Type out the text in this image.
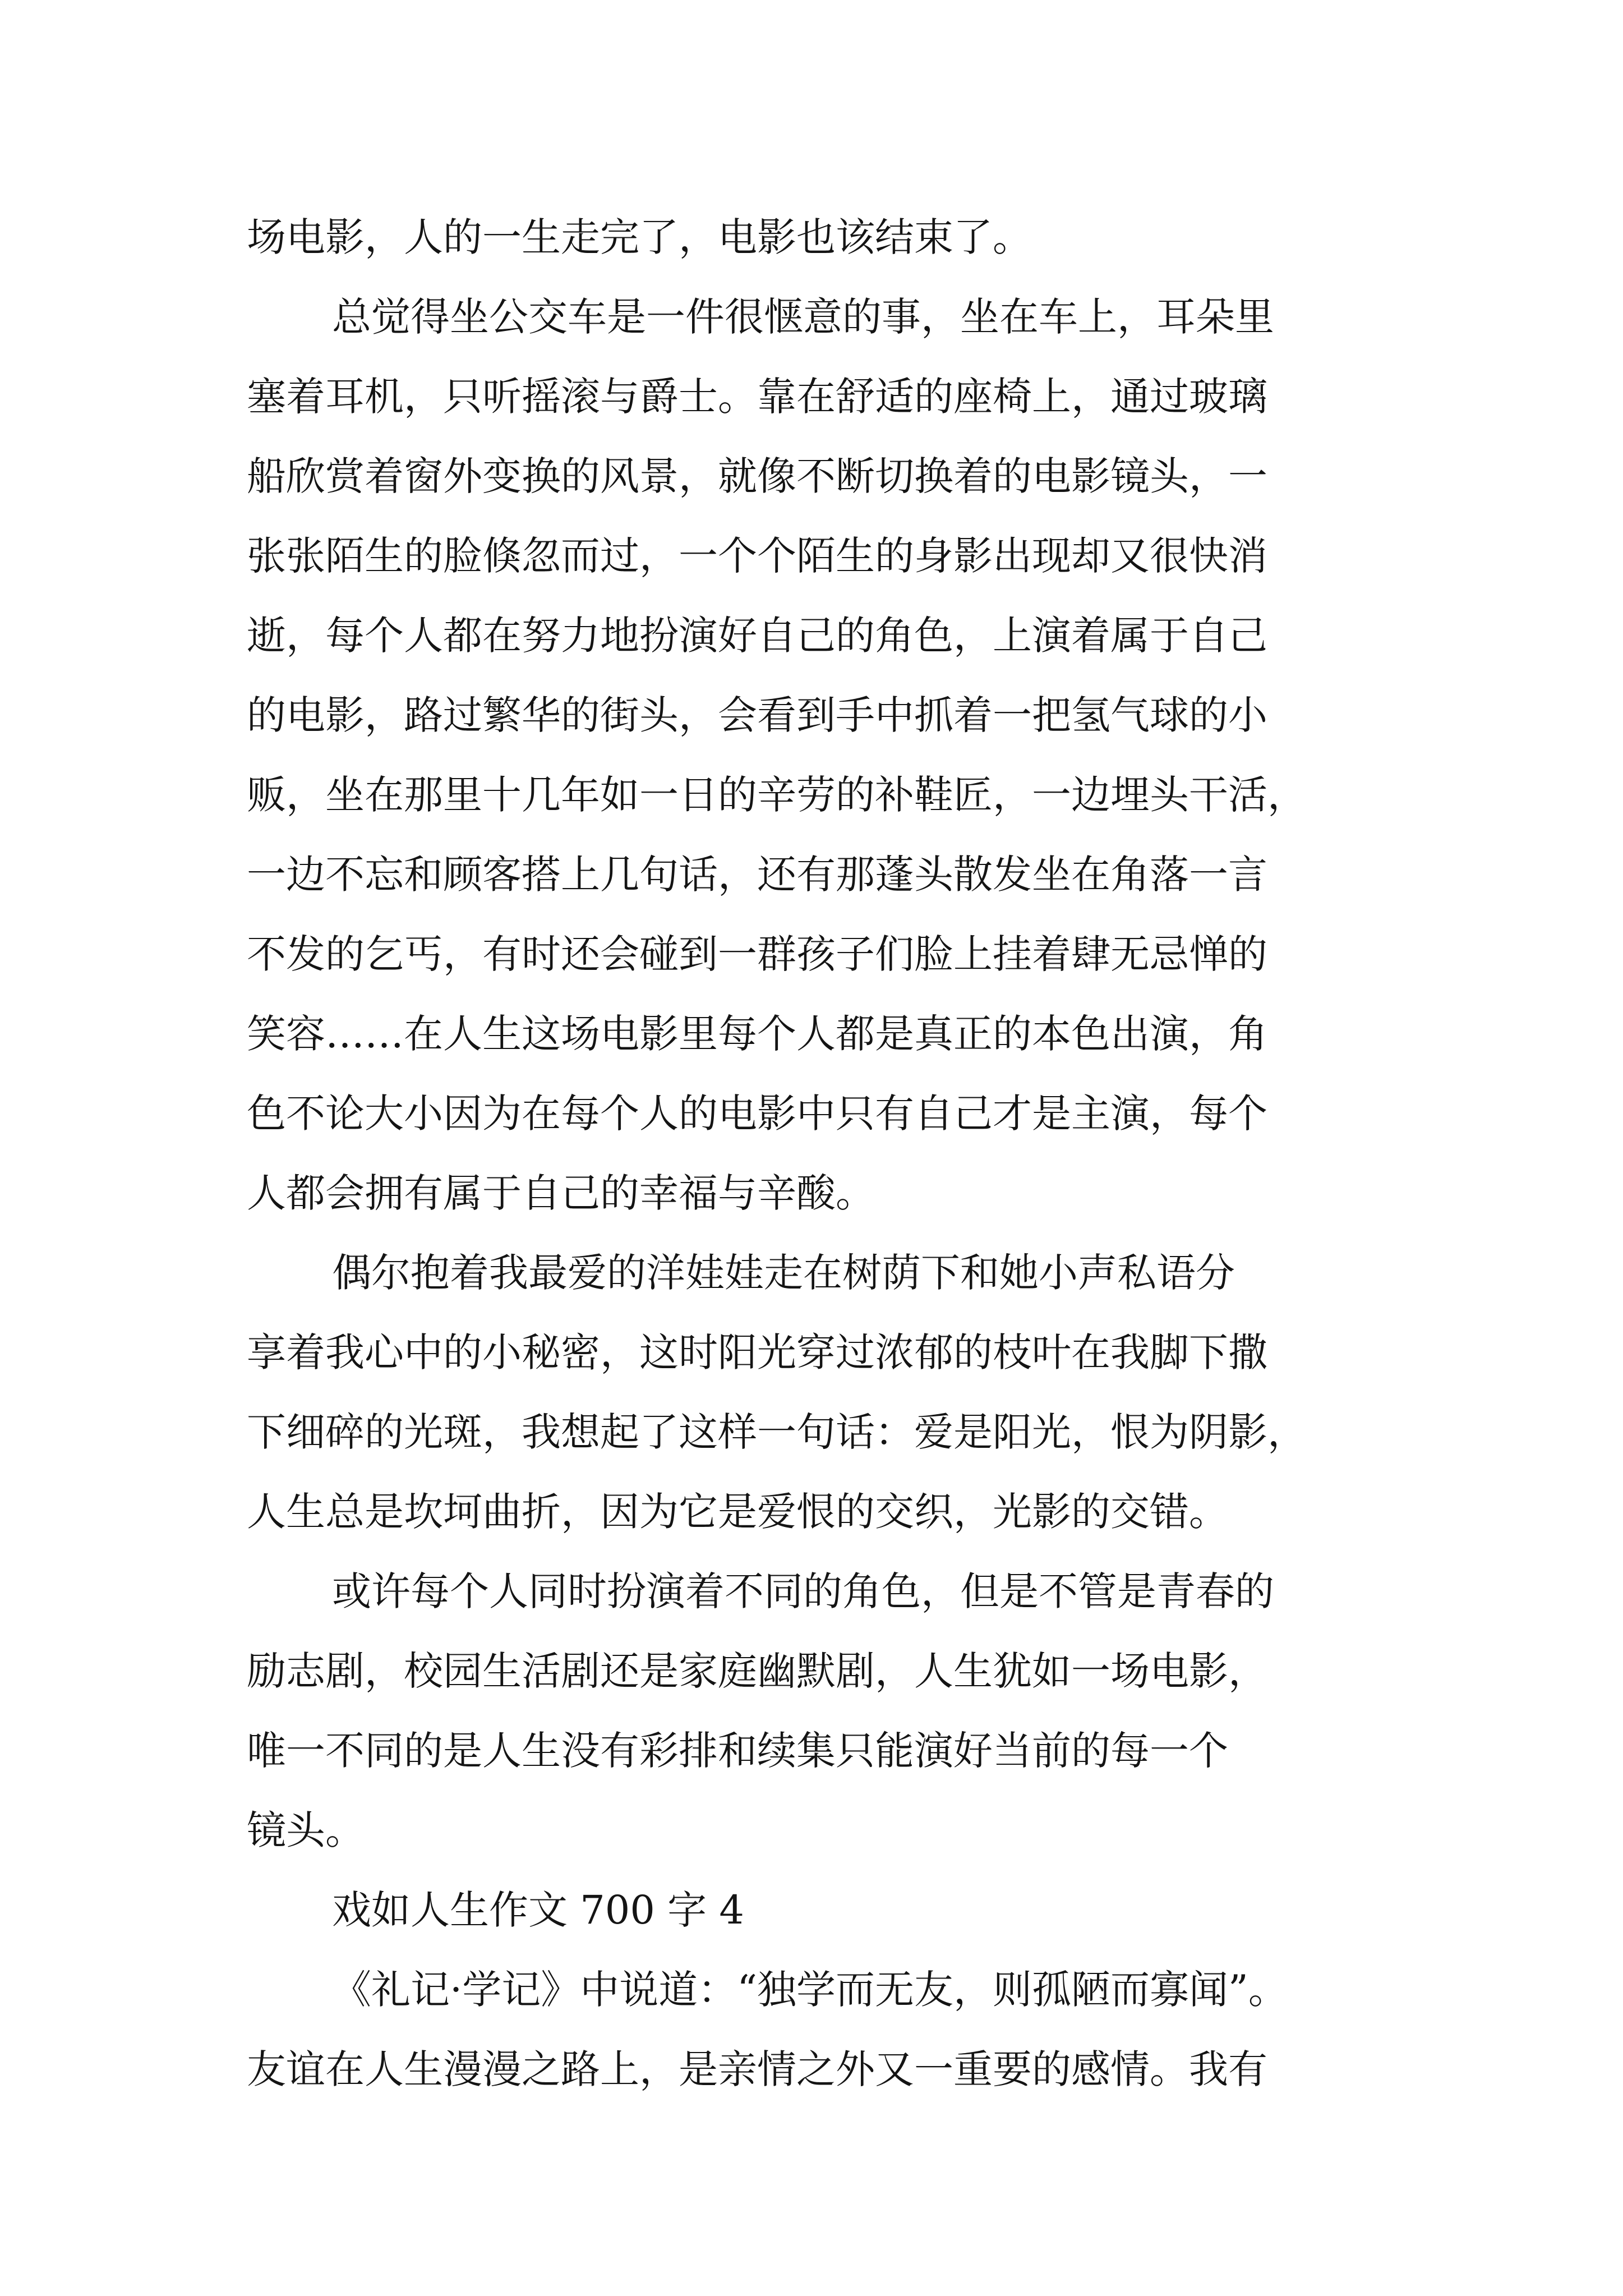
场电影，人的一生走完了，电影也该结束了。

总觉得坐公交车是一件很惬意的事，坐在车上，耳朵里

塞着耳机，只听摇滚与爵士。靠在舒适的座椅上，通过玻璃

船欣赏着窗外变换的风景，就像不断切换着的电影镜头，一

张张陌生的脸倏忽而过，一个个陌生的身影出现却又很快消

逝，每个人都在努力地扮演好自己的角色，上演着属于自己

的电影，路过繁华的街头，会看到手中抓着一把氢气球的小

贩，坐在那里十几年如一日的辛劳的补鞋匠，一边埋头干活，

一边不忘和顾客搭上几句话，还有那蓬头散发坐在角落一言

不发的乞丐，有时还会碰到一群孩子们脸上挂着肆无忌惮的

笑容……在人生这场电影里每个人都是真正的本色出演，角

色不论大小因为在每个人的电影中只有自己才是主演，每个

人都会拥有属于自己的幸福与辛酸。

偶尔抱着我最爱的洋娃娃走在树荫下和她小声私语分

享着我心中的小秘密，这时阳光穿过浓郁的枝叶在我脚下撒

下细碎的光斑，我想起了这样一句话：爱是阳光，恨为阴影，

人生总是坎坷曲折，因为它是爱恨的交织，光影的交错。

或许每个人同时扮演着不同的角色，但是不管是青春的

励志剧，校园生活剧还是家庭幽默剧，人生犹如一场电影，

唯一不同的是人生没有彩排和续集只能演好当前的每一个

镜头。

戏如人生作文 700 字 4

《礼记·学记》中说道：“独学而无友，则孤陋而寡闻”。

友谊在人生漫漫之路上，是亲情之外又一重要的感情。我有
